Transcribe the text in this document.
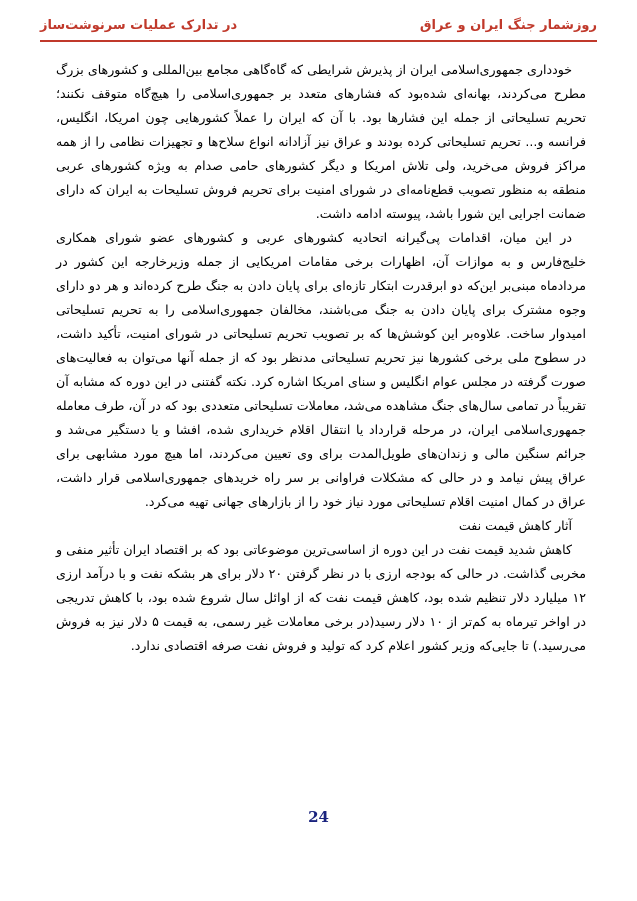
روزشمار جنگ ایران و عراق
در تدارک عملیات سرنوشت‌ساز

خودداری جمهوری‌اسلامی ایران از پذیرش شرایطی که گاه‌گاهی مجامع بین‌المللی و کشورهای بزرگ مطرح می‌کردند، بهانه‌ای شده‌بود که فشارهای متعدد بر جمهوری‌اسلامی را هیچ‌گاه متوقف نکنند؛ تحریم تسلیحاتی از جمله این فشارها بود. با آن که ایران را عملاً کشورهایی چون امریکا، انگلیس، فرانسه و... تحریم تسلیحاتی کرده بودند و عراق نیز آزادانه انواع سلاح‌ها و تجهیزات نظامی را از همه مراکز فروش می‌خرید، ولی تلاش امریکا و دیگر کشورهای حامی صدام به ویژه کشورهای عربی منطقه به منظور تصویب قطع‌نامه‌ای در شورای امنیت برای تحریم فروش تسلیحات به ایران که دارای ضمانت اجرایی این شورا باشد، پیوسته ادامه داشت.

در این میان، اقدامات پی‌گیرانه اتحادیه کشورهای عربی و کشورهای عضو شورای همکاری خلیج‌فارس و به موازات آن، اظهارات برخی مقامات امریکایی از جمله وزیرخارجه این کشور در مردادماه مبنی‌بر این‌که دو ابرقدرت ابتکار تازه‌ای برای پایان دادن به جنگ طرح کرده‌اند و هر دو دارای وجوه مشترک برای پایان دادن به جنگ می‌باشند، مخالفان جمهوری‌اسلامی را به تحریم تسلیحاتی امیدوار ساخت. علاوه‌بر این کوشش‌ها که بر تصویب تحریم تسلیحاتی در شورای امنیت، تأکید داشت، در سطوح ملی برخی کشورها نیز تحریم تسلیحاتی مدنظر بود که از جمله آنها می‌توان به فعالیت‌های صورت گرفته در مجلس عوام انگلیس و سنای امریکا اشاره کرد. نکته گفتنی در این دوره که مشابه آن تقریباً در تمامی سال‌های جنگ مشاهده می‌شد، معاملات تسلیحاتی متعددی بود که در آن، طرف معامله جمهوری‌اسلامی ایران، در مرحله قرارداد یا انتقال اقلام خریداری شده، افشا و یا دستگیر می‌شد و جرائم سنگین مالی و زندان‌های طویل‌المدت برای وی تعیین می‌کردند، اما هیچ مورد مشابهی برای عراق پیش نیامد و در حالی که مشکلات فراوانی بر سر راه خریدهای جمهوری‌اسلامی قرار داشت، عراق در کمال امنیت اقلام تسلیحاتی مورد نیاز خود را از بازارهای جهانی تهیه می‌کرد.

آثار کاهش قیمت نفت

کاهش شدید قیمت نفت در این دوره از اساسی‌ترین موضوعاتی بود که بر اقتصاد ایران تأثیر منفی و مخربی گذاشت. در حالی که بودجه ارزی با در نظر گرفتن ۲۰ دلار برای هر بشکه نفت و با درآمد ارزی ۱۲ میلیارد دلار تنظیم شده بود، کاهش قیمت نفت که از اوائل سال شروع شده بود، با کاهش تدریجی در اواخر تیرماه به کم‌تر از ۱۰ دلار رسید(در برخی معاملات غیر رسمی، به قیمت ۵ دلار نیز به فروش می‌رسید.) تا جایی‌که وزیر کشور اعلام کرد که تولید و فروش نفت صرفه اقتصادی ندارد.

24
